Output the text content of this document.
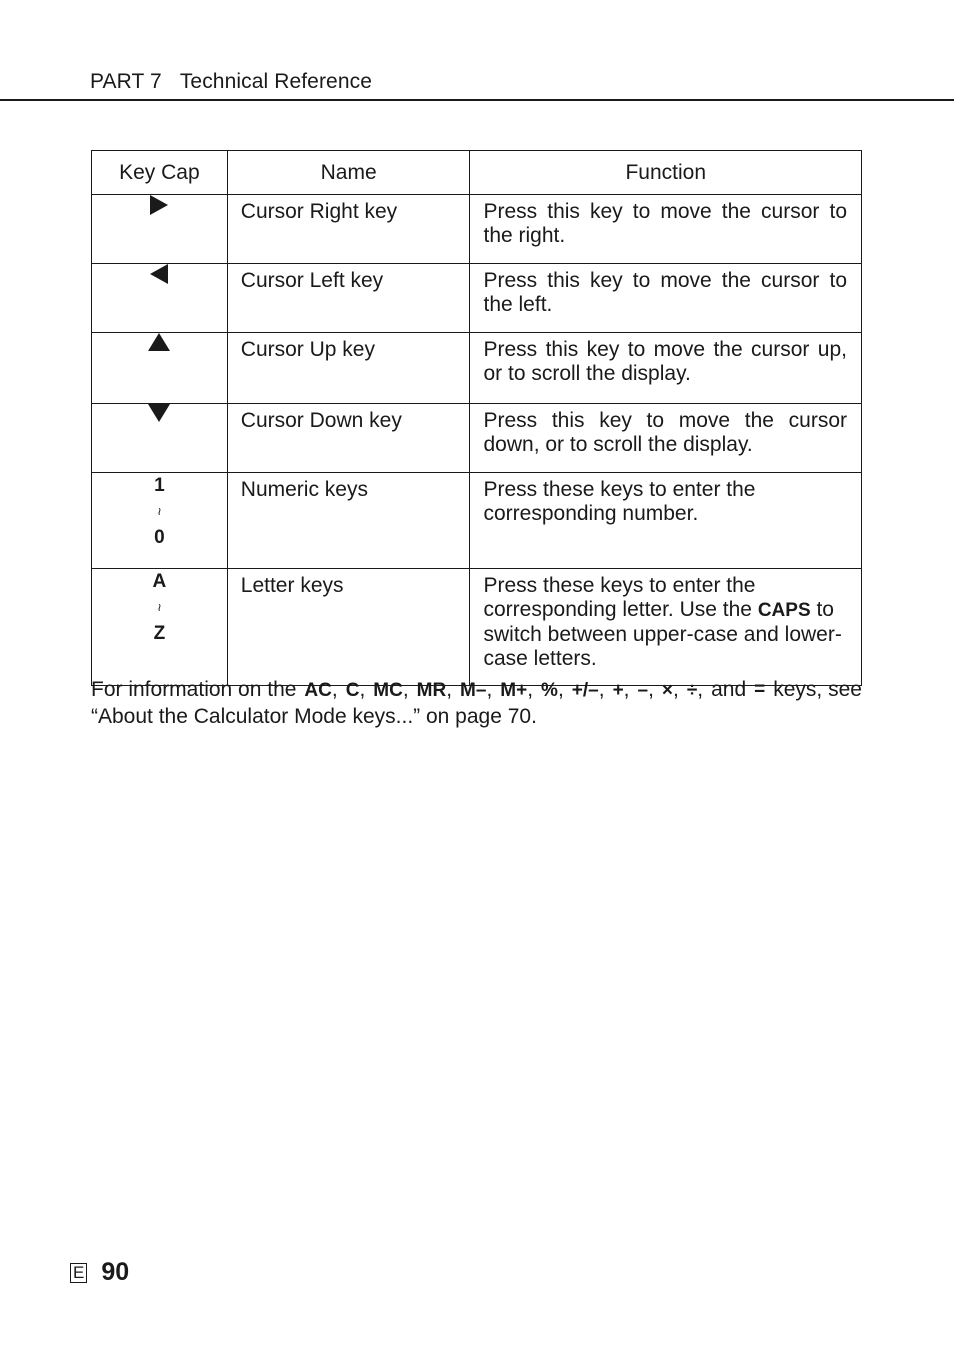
PART 7 Technical Reference
Key Cap	Name	Function
	Cursor Right key	Press this key to move the cursor to the right.
	Cursor Left key	Press this key to move the cursor to the left.
	Cursor Up key	Press this key to move the cursor up, or to scroll the display.
	Cursor Down key	Press this key to move the cursor down, or to scroll the display.

1
~
0	Numeric keys	Press these keys to enter the corresponding number.

A
~
Z	Letter keys	Press these keys to enter the corresponding letter. Use the CAPS to switch between upper-case and lower-case letters.
For information on the AC, C, MC, MR, M–, M+, %, +/–, +, –, ×, ÷, and = keys, see
“About the Calculator Mode keys...” on page 70.
E 90
